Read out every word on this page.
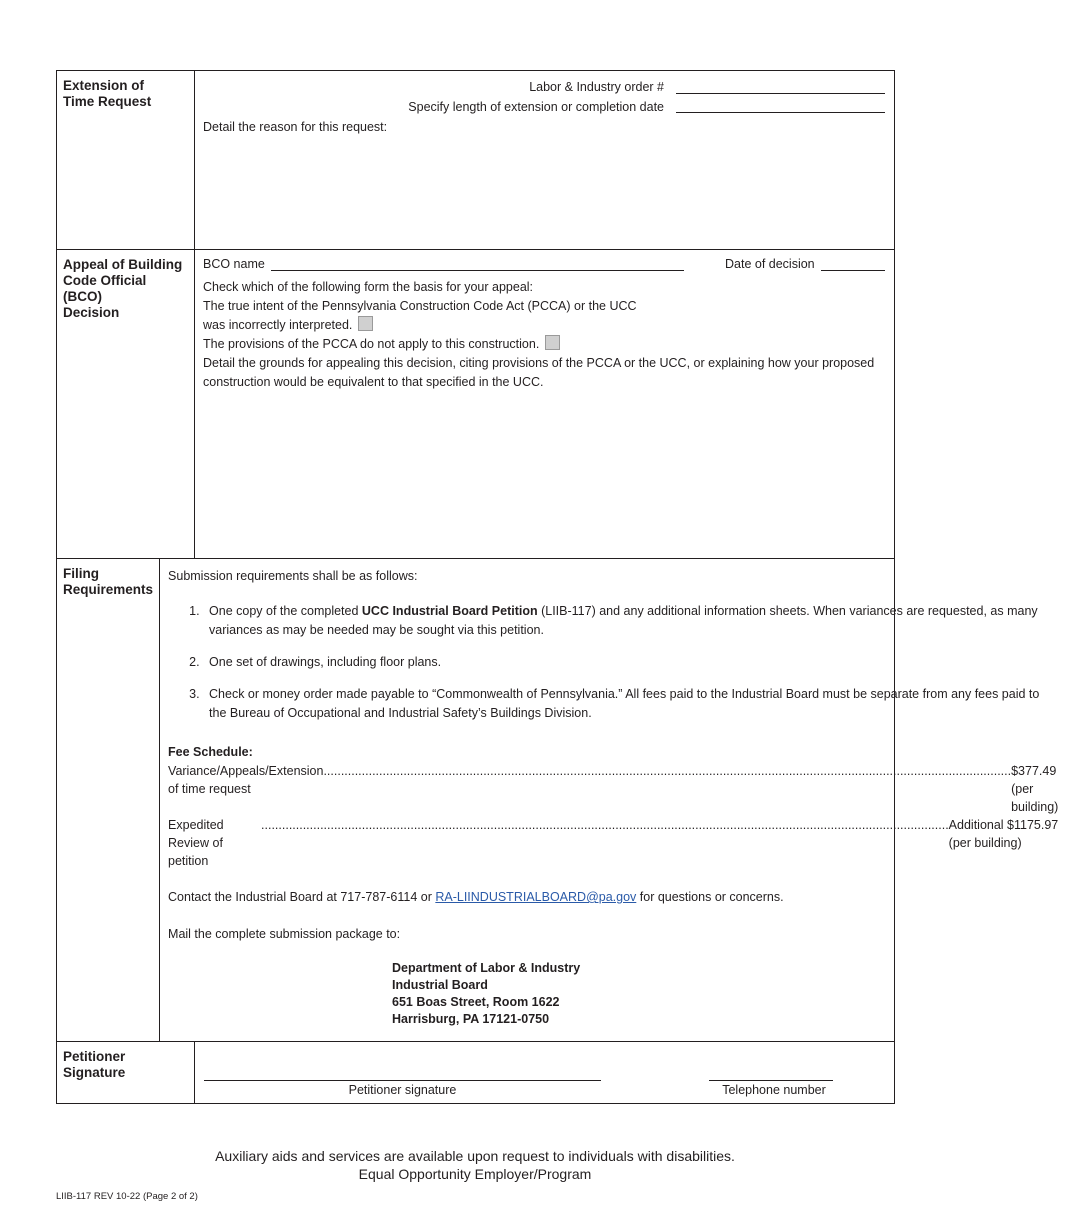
Extension of
Time Request
Labor & Industry order #
Specify length of extension or completion date
Detail the reason for this request:
Appeal of Building
Code Official (BCO)
Decision
BCO name	Date of decision
Check which of the following form the basis for your appeal:
The true intent of the Pennsylvania Construction Code Act (PCCA) or the UCC
was incorrectly interpreted.
The provisions of the PCCA do not apply to this construction.
Detail the grounds for appealing this decision, citing provisions of the PCCA or the UCC, or explaining how your proposed
construction would be equivalent to that specified in the UCC.
Filing
Requirements
Submission requirements shall be as follows:
1. One copy of the completed UCC Industrial Board Petition (LIIB-117) and any additional information sheets. When variances are requested, as many variances as may be needed may be sought via this petition.
2. One set of drawings, including floor plans.
3. Check or money order made payable to “Commonwealth of Pennsylvania.” All fees paid to the Industrial Board must be separate from any fees paid to the Bureau of Occupational and Industrial Safety’s Buildings Division.
Fee Schedule:
Variance/Appeals/Extension of time request
.....
$377.49 (per building)
Expedited Review of petition
.....
Additional $1175.97 (per building)
Contact the Industrial Board at 717-787-6114 or RA-LIINDUSTRIALBOARD@pa.gov for questions or concerns.
Mail the complete submission package to:
Department of Labor & Industry
Industrial Board
651 Boas Street, Room 1622
Harrisburg, PA 17121-0750
Petitioner
Signature
Petitioner signature	Telephone number
Auxiliary aids and services are available upon request to individuals with disabilities.
Equal Opportunity Employer/Program
LIIB-117 REV 10-22 (Page 2 of 2)
